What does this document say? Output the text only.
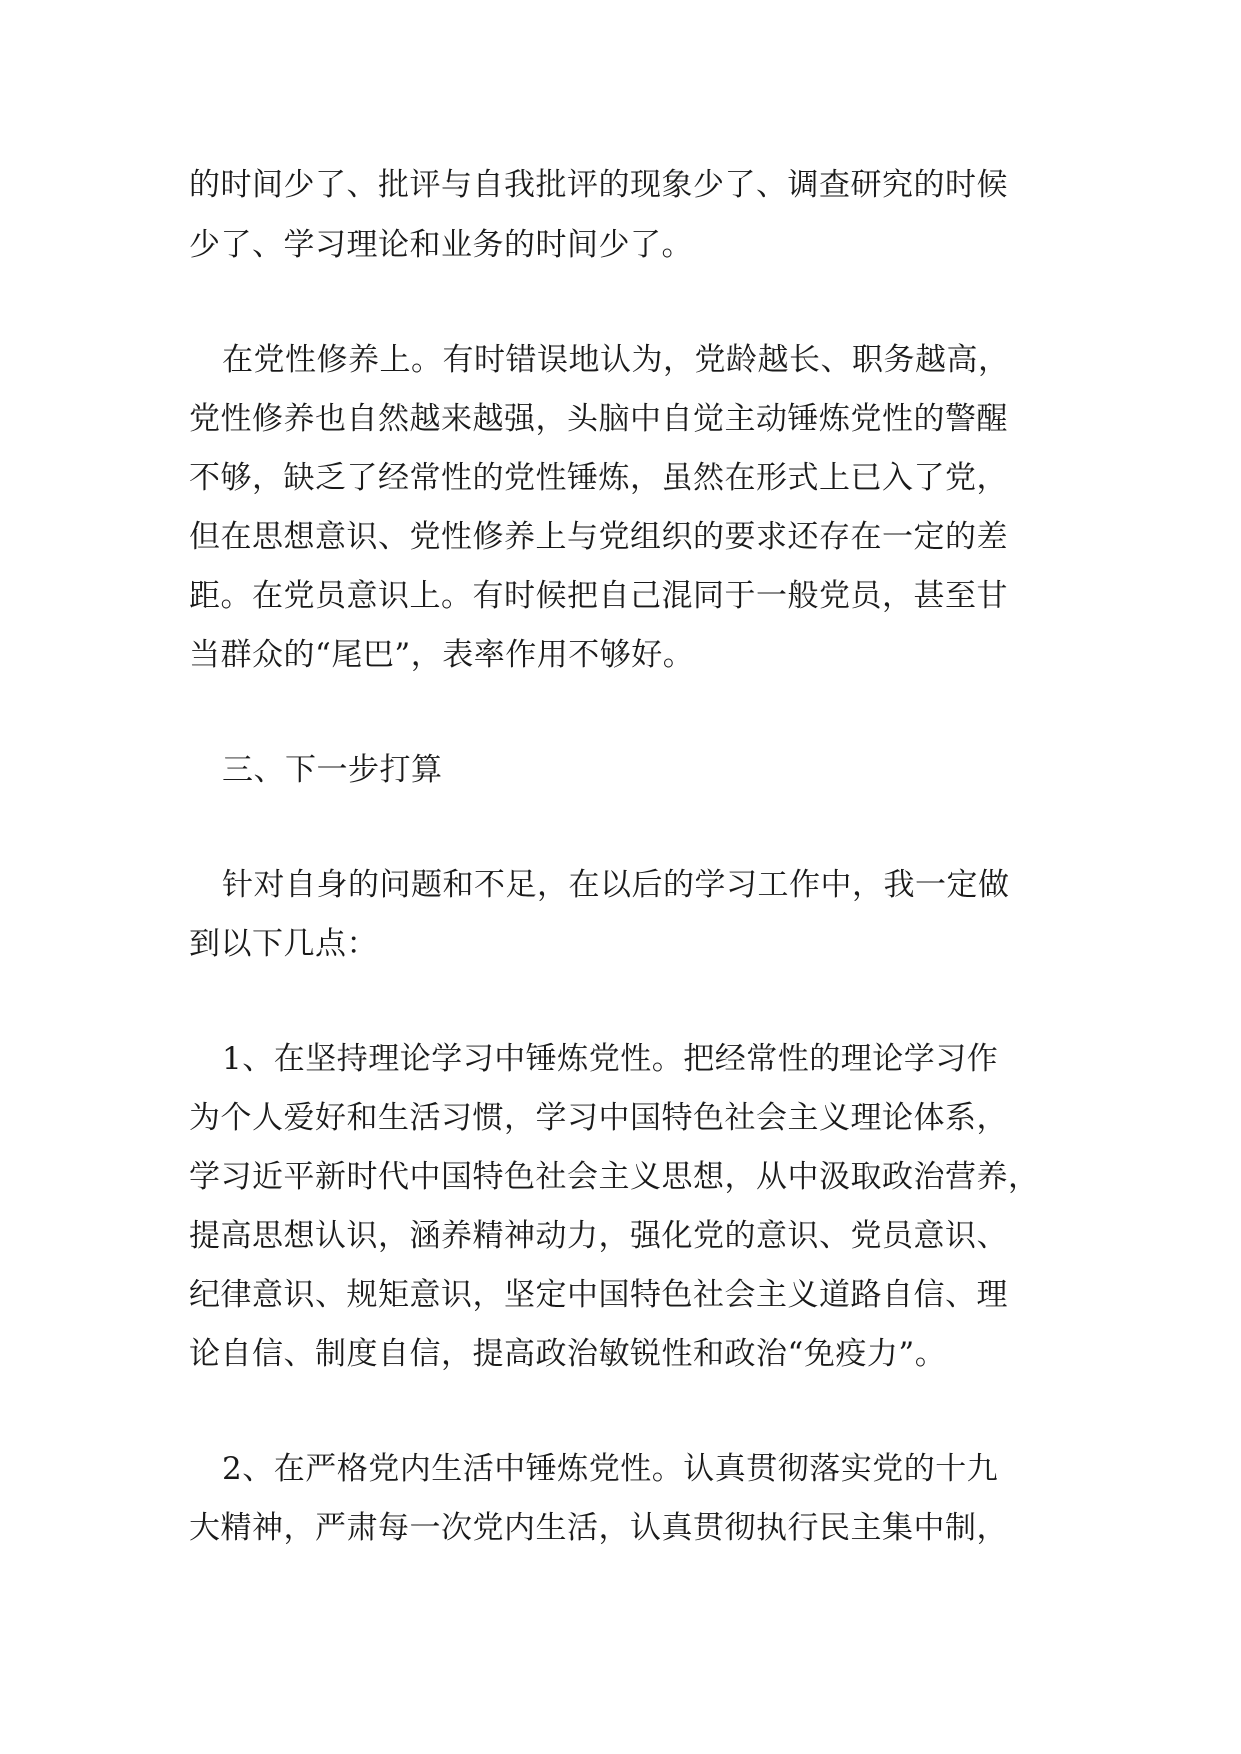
的时间少了、批评与自我批评的现象少了、调查研究的时候
少了、学习理论和业务的时间少了。
在党性修养上。有时错误地认为，党龄越长、职务越高，
党性修养也自然越来越强，头脑中自觉主动锤炼党性的警醒
不够，缺乏了经常性的党性锤炼，虽然在形式上已入了党，
但在思想意识、党性修养上与党组织的要求还存在一定的差
距。在党员意识上。有时候把自己混同于一般党员，甚至甘
当群众的“尾巴”，表率作用不够好。
三、下一步打算
针对自身的问题和不足，在以后的学习工作中，我一定做
到以下几点：
1、在坚持理论学习中锤炼党性。把经常性的理论学习作
为个人爱好和生活习惯，学习中国特色社会主义理论体系，
学习近平新时代中国特色社会主义思想，从中汲取政治营养，
提高思想认识，涵养精神动力，强化党的意识、党员意识、
纪律意识、规矩意识，坚定中国特色社会主义道路自信、理
论自信、制度自信，提高政治敏锐性和政治“免疫力”。
2、在严格党内生活中锤炼党性。认真贯彻落实党的十九
大精神，严肃每一次党内生活，认真贯彻执行民主集中制，
